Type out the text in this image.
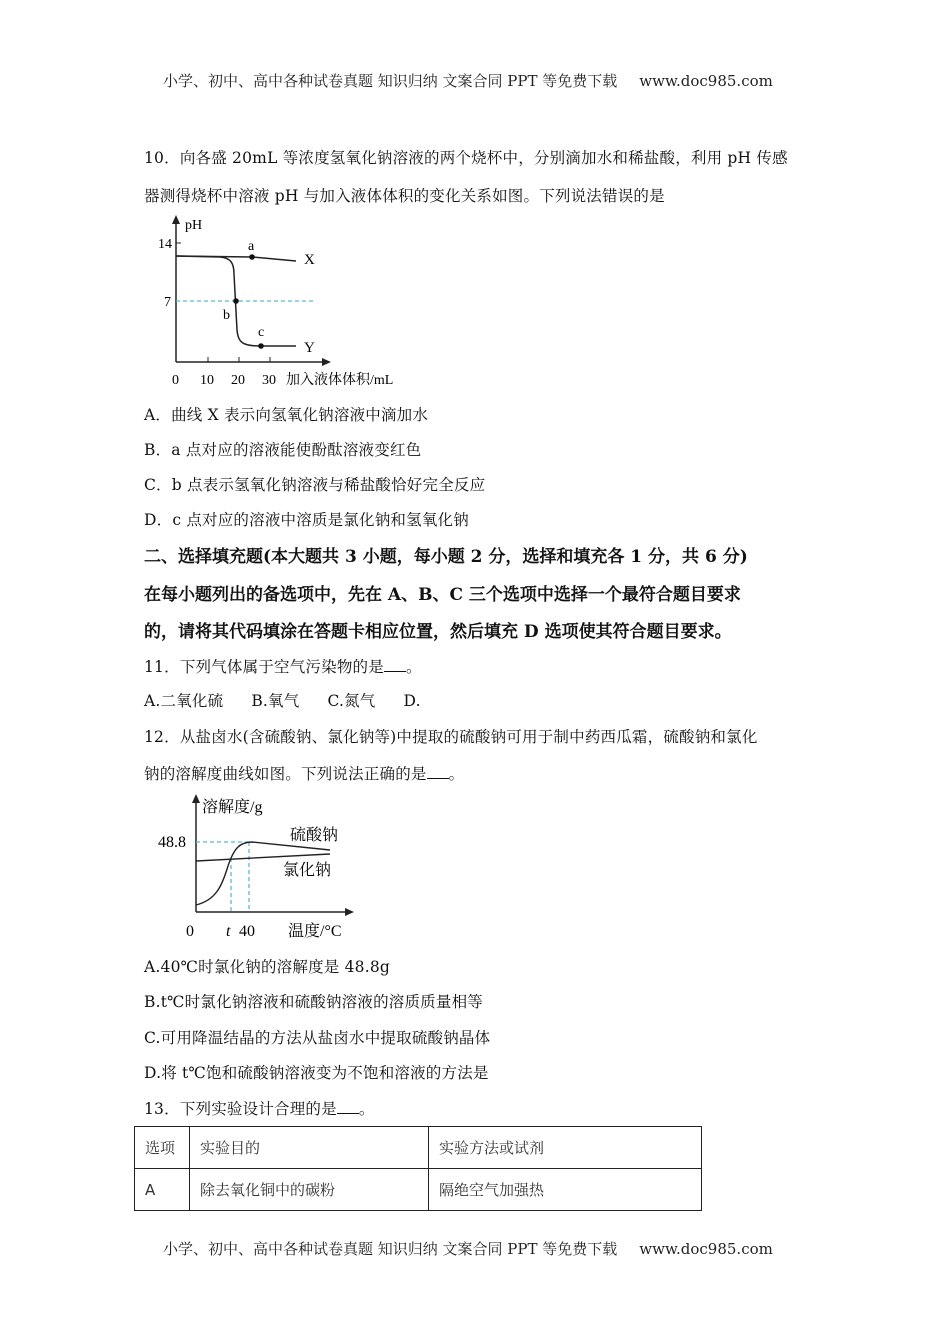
小学、初中、高中各种试卷真题 知识归纳 文案合同 PPT 等免费下载 www.doc985.com
10．向各盛 20mL 等浓度氢氧化钠溶液的两个烧杯中，分别滴加水和稀盐酸，利用 pH 传感
器测得烧杯中溶液 pH 与加入液体体积的变化关系如图。下列说法错误的是
pH
14
7
0 10 20 30 加入液体体积/mL
a
b
c
X
Y
A．曲线 X 表示向氢氧化钠溶液中滴加水
B．a 点对应的溶液能使酚酞溶液变红色
C．b 点表示氢氧化钠溶液与稀盐酸恰好完全反应
D．c 点对应的溶液中溶质是氯化钠和氢氧化钠
二、选择填充题(本大题共 3 小题，每小题 2 分，选择和填充各 1 分，共 6 分)
在每小题列出的备选项中，先在 A、B、C 三个选项中选择一个最符合题目要求
的，请将其代码填涂在答题卡相应位置，然后填充 D 选项使其符合题目要求。
11．下列气体属于空气污染物的是 。
A.二氧化硫 B.氧气 C.氮气 D.
12．从盐卤水(含硫酸钠、氯化钠等)中提取的硫酸钠可用于制中药西瓜霜，硫酸钠和氯化
钠的溶解度曲线如图。下列说法正确的是 。
溶解度/g
48.8	硫酸钠
氯化钠
0 t 40 温度/°C
A.40℃时氯化钠的溶解度是 48.8g
B.t℃时氯化钠溶液和硫酸钠溶液的溶质质量相等
C.可用降温结晶的方法从盐卤水中提取硫酸钠晶体
D.将 t℃饱和硫酸钠溶液变为不饱和溶液的方法是
13．下列实验设计合理的是 。
选项	实验目的	实验方法或试剂
A	除去氧化铜中的碳粉	隔绝空气加强热
小学、初中、高中各种试卷真题 知识归纳 文案合同 PPT 等免费下载 www.doc985.com
